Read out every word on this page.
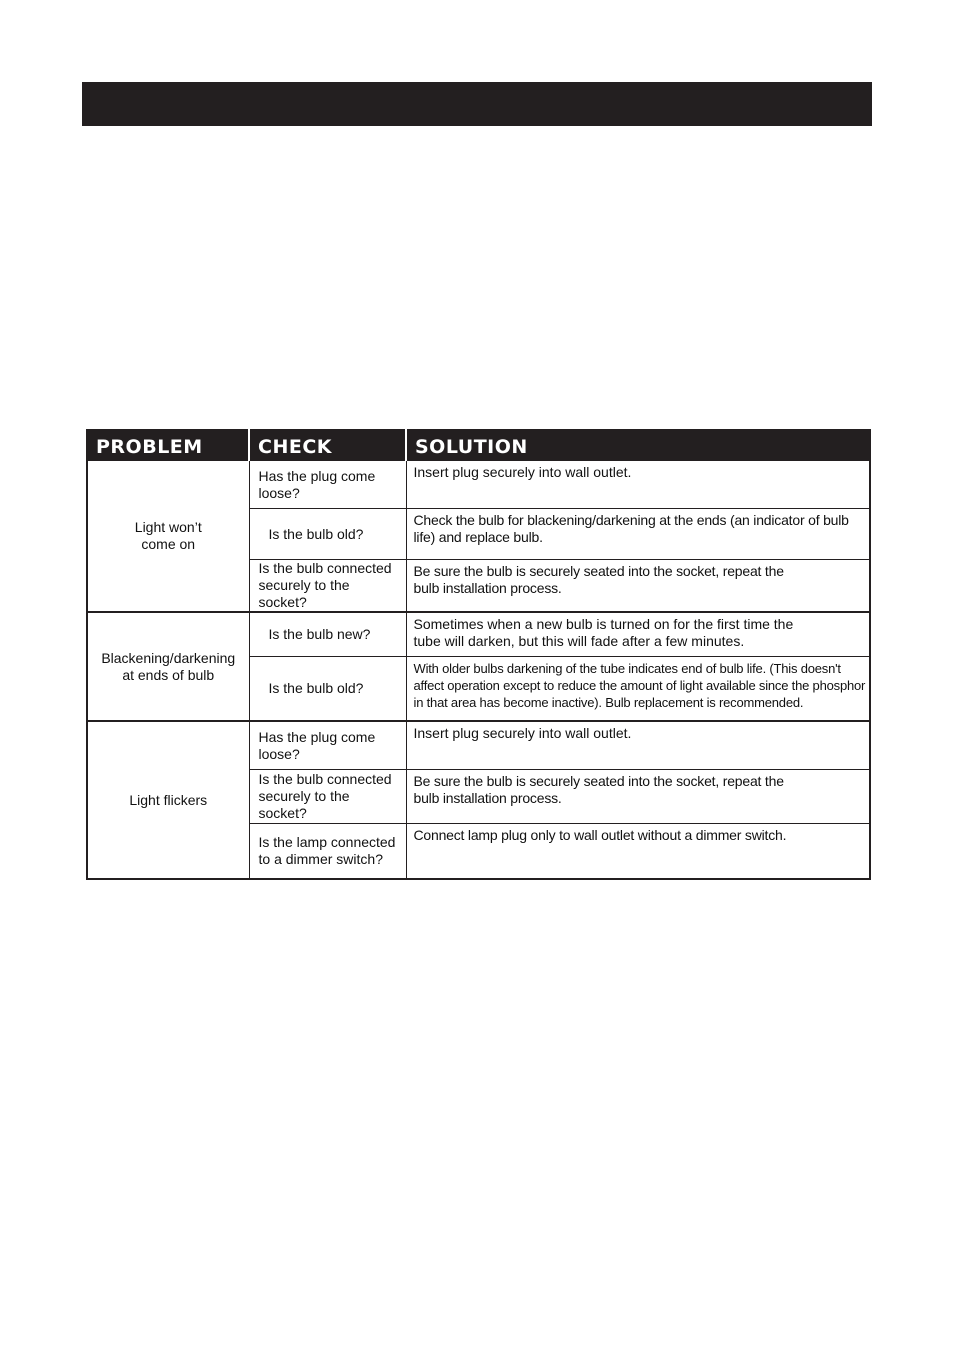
PROBLEM	CHECK	SOLUTION
Light won’t come on	Has the plug come loose?	Insert plug securely into wall outlet.
	Is the bulb old?	Check the bulb for blackening/darkening at the ends (an indicator of bulb life) and replace bulb.
	Is the bulb connected securely to the socket?	Be sure the bulb is securely seated into the socket, repeat the bulb installation process.
Blackening/darkening at ends of bulb	Is the bulb new?	Sometimes when a new bulb is turned on for the first time the tube will darken, but this will fade after a few minutes.
	Is the bulb old?	With older bulbs darkening of the tube indicates end of bulb life. (This doesn't affect operation except to reduce the amount of light available since the phosphor in that area has become inactive). Bulb replacement is recommended.
Light flickers	Has the plug come loose?	Insert plug securely into wall outlet.
	Is the bulb connected securely to the socket?	Be sure the bulb is securely seated into the socket, repeat the bulb installation process.
	Is the lamp connected to a dimmer switch?	Connect lamp plug only to wall outlet without a dimmer switch.
